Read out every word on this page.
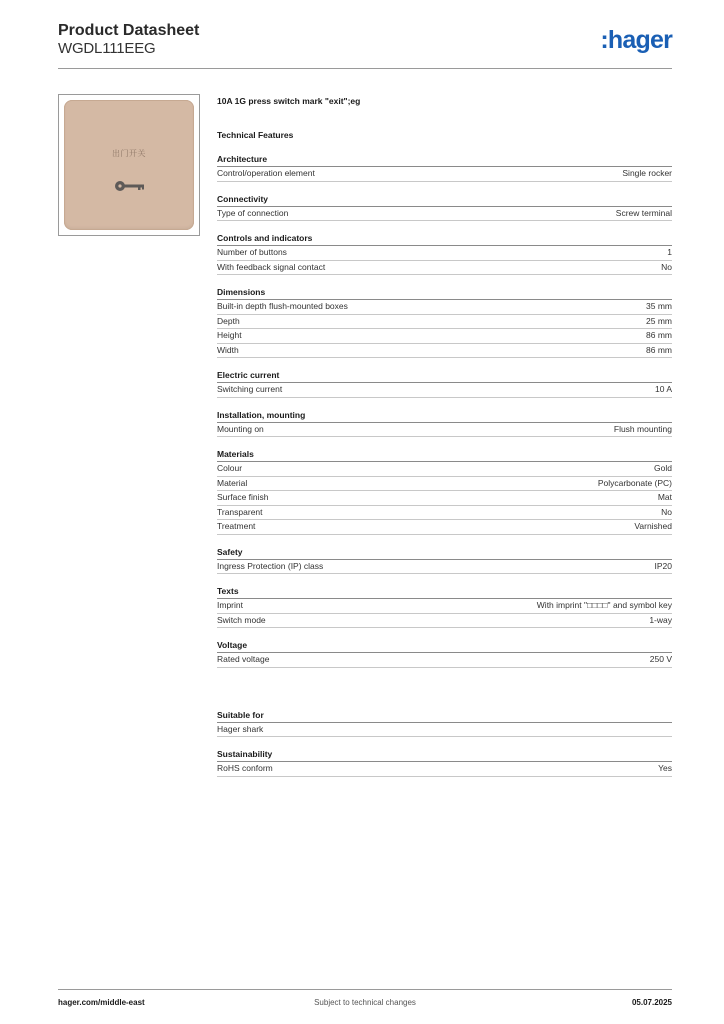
Product Datasheet
WGDL111EEG	:hager
出门开关
10A 1G press switch mark "exit";eg
Technical Features
Architecture
Control/operation element	Single rocker
Connectivity
Type of connection	Screw terminal
Controls and indicators
Number of buttons	1
With feedback signal contact	No
Dimensions
Built-in depth flush-mounted boxes	35 mm
Depth	25 mm
Height	86 mm
Width	86 mm
Electric current
Switching current	10 A
Installation, mounting
Mounting on	Flush mounting
Materials
Colour	Gold
Material	Polycarbonate (PC)
Surface finish	Mat
Transparent	No
Treatment	Varnished
Safety
Ingress Protection (IP) class	IP20
Texts
Imprint	With imprint "□□□□" and symbol key
Switch mode	1-way
Voltage
Rated voltage	250 V
Suitable for
Hager shark
Sustainability
RoHS conform	Yes
hager.com/middle-east	Subject to technical changes	05.07.2025
